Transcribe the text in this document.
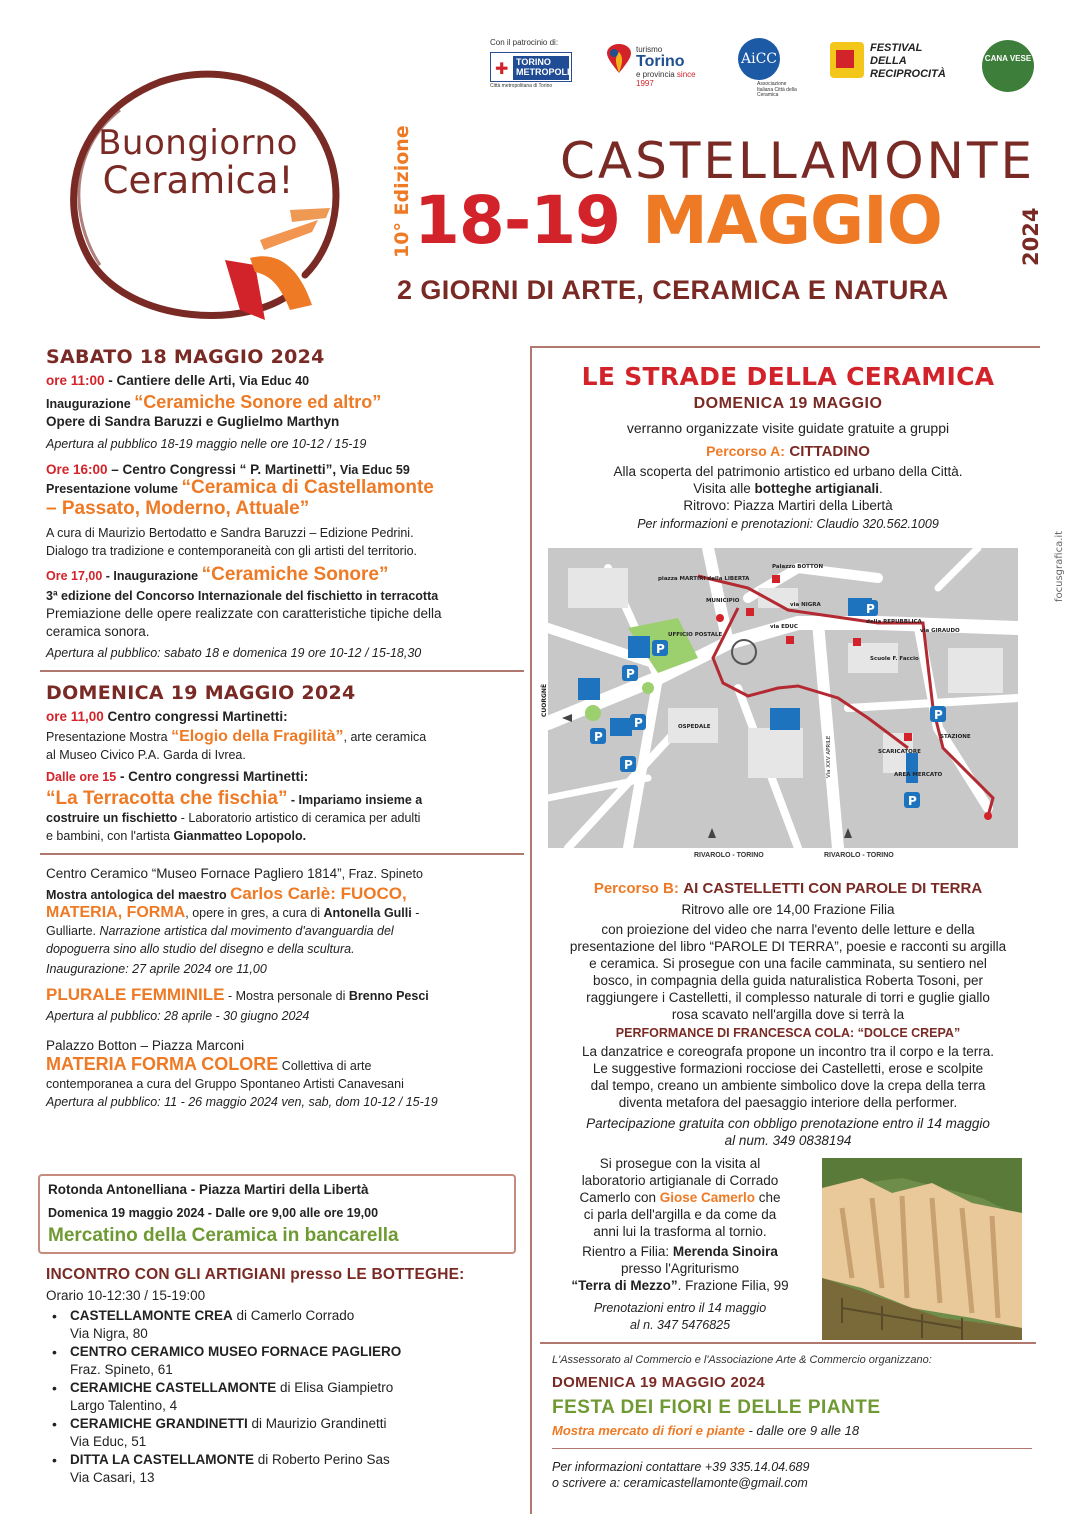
Buongiorno
Ceramica!	10° Edizione	CASTELLAMONTE
18-19 MAGGIO	2024
2 GIORNI DI ARTE, CERAMICA E NATURA
Con il patrocinio di:
✚ TORINO METROPOLI
Città metropolitana di Torino
turismo
Torino
e provincia since 1997
AiCC
Associazione Italiana Città della Ceramica
FESTIVAL DELLA RECIPROCITÀ
CANA VESE
SABATO 18 MAGGIO 2024
ore 11:00 - Cantiere delle Arti, Via Educ 40
Inaugurazione “Ceramiche Sonore ed altro”
Opere di Sandra Baruzzi e Guglielmo Marthyn
Apertura al pubblico 18-19 maggio nelle ore 10-12 / 15-19
Ore 16:00 – Centro Congressi “ P. Martinetti”, Via Educ 59
Presentazione volume “Ceramica di Castellamonte
– Passato, Moderno, Attuale”
A cura di Maurizio Bertodatto e Sandra Baruzzi – Edizione Pedrini.
Dialogo tra tradizione e contemporaneità con gli artisti del territorio.
Ore 17,00 - Inaugurazione “Ceramiche Sonore”
3ª edizione del Concorso Internazionale del fischietto in terracotta
Premiazione delle opere realizzate con caratteristiche tipiche della
ceramica sonora.
Apertura al pubblico: sabato 18 e domenica 19 ore 10-12 / 15-18,30
DOMENICA 19 MAGGIO 2024
ore 11,00 Centro congressi Martinetti:
Presentazione Mostra “Elogio della Fragilità”, arte ceramica
al Museo Civico P.A. Garda di Ivrea.
Dalle ore 15 - Centro congressi Martinetti:
“La Terracotta che fischia” - Impariamo insieme a
costruire un fischietto - Laboratorio artistico di ceramica per adulti
e bambini, con l'artista Gianmatteo Lopopolo.
Centro Ceramico “Museo Fornace Pagliero 1814”, Fraz. Spineto
Mostra antologica del maestro Carlos Carlè: FUOCO,
MATERIA, FORMA, opere in gres, a cura di Antonella Gulli -
Gulliarte. Narrazione artistica dal movimento d'avanguardia del
dopoguerra sino allo studio del disegno e della scultura.
Inaugurazione: 27 aprile 2024 ore 11,00
PLURALE FEMMINILE - Mostra personale di Brenno Pesci
Apertura al pubblico: 28 aprile - 30 giugno 2024
Palazzo Botton – Piazza Marconi
MATERIA FORMA COLORE Collettiva di arte
contemporanea a cura del Gruppo Spontaneo Artisti Canavesani
Apertura al pubblico: 11 - 26 maggio 2024 ven, sab, dom 10-12 / 15-19
Rotonda Antonelliana - Piazza Martiri della Libertà
Domenica 19 maggio 2024 - Dalle ore 9,00 alle ore 19,00
Mercatino della Ceramica in bancarella
INCONTRO CON GLI ARTIGIANI presso LE BOTTEGHE:
Orario 10-12:30 / 15-19:00
• CASTELLAMONTE CREA di Camerlo Corrado
Via Nigra, 80
• CENTRO CERAMICO MUSEO FORNACE PAGLIERO
Fraz. Spineto, 61
• CERAMICHE CASTELLAMONTE di Elisa Giampietro
Largo Talentino, 4
• CERAMICHE GRANDINETTI di Maurizio Grandinetti
Via Educ, 51
• DITTA LA CASTELLAMONTE di Roberto Perino Sas
Via Casari, 13
LE STRADE DELLA CERAMICA
DOMENICA 19 MAGGIO
verranno organizzate visite guidate gratuite a gruppi
Percorso A: CITTADINO
Alla scoperta del patrimonio artistico ed urbano della Città.
Visita alle botteghe artigianali.
Ritrovo: Piazza Martiri della Libertà
Per informazioni e prenotazioni: Claudio 320.562.1009
P
P
P
P
P
P
P
P
piazza MARTIRI della LIBERTA
MUNICIPIO
Palazzo BOTTON
via NIGRA
via EDUC
della REPUBBLICA
via GIRAUDO
Scuole F. Faccio
UFFICIO POSTALE
OSPEDALE
STAZIONE
SCARICATORE
AREA MERCATO
Via XXV APRILE
CUORGNÈ
RIVAROLO - TORINO	RIVAROLO - TORINO
Percorso B: AI CASTELLETTI CON PAROLE DI TERRA
Ritrovo alle ore 14,00 Frazione Filia
con proiezione del video che narra l'evento delle letture e della
presentazione del libro “PAROLE DI TERRA”, poesie e racconti su argilla
e ceramica. Si prosegue con una facile camminata, su sentiero nel
bosco, in compagnia della guida naturalistica Roberta Tosoni, per
raggiungere i Castelletti, il complesso naturale di torri e guglie giallo
rosa scavato nell'argilla dove si terrà la
PERFORMANCE DI FRANCESCA COLA: “DOLCE CREPA”
La danzatrice e coreografa propone un incontro tra il corpo e la terra.
Le suggestive formazioni rocciose dei Castelletti, erose e scolpite
dal tempo, creano un ambiente simbolico dove la crepa della terra
diventa metafora del paesaggio interiore della performer.
Partecipazione gratuita con obbligo prenotazione entro il 14 maggio
al num. 349 0838194
Si prosegue con la visita al
laboratorio artigianale di Corrado
Camerlo con Giose Camerlo che
ci parla dell'argilla e da come da
anni lui la trasforma al tornio.
Rientro a Filia: Merenda Sinoira
presso l'Agriturismo
“Terra di Mezzo”. Frazione Filia, 99
Prenotazioni entro il 14 maggio
al n. 347 5476825
L'Assessorato al Commercio e l'Associazione Arte & Commercio organizzano:
DOMENICA 19 MAGGIO 2024
FESTA DEI FIORI E DELLE PIANTE
Mostra mercato di fiori e piante - dalle ore 9 alle 18
Per informazioni contattare +39 335.14.04.689
o scrivere a: ceramicastellamonte@gmail.com
focusgrafica.it
